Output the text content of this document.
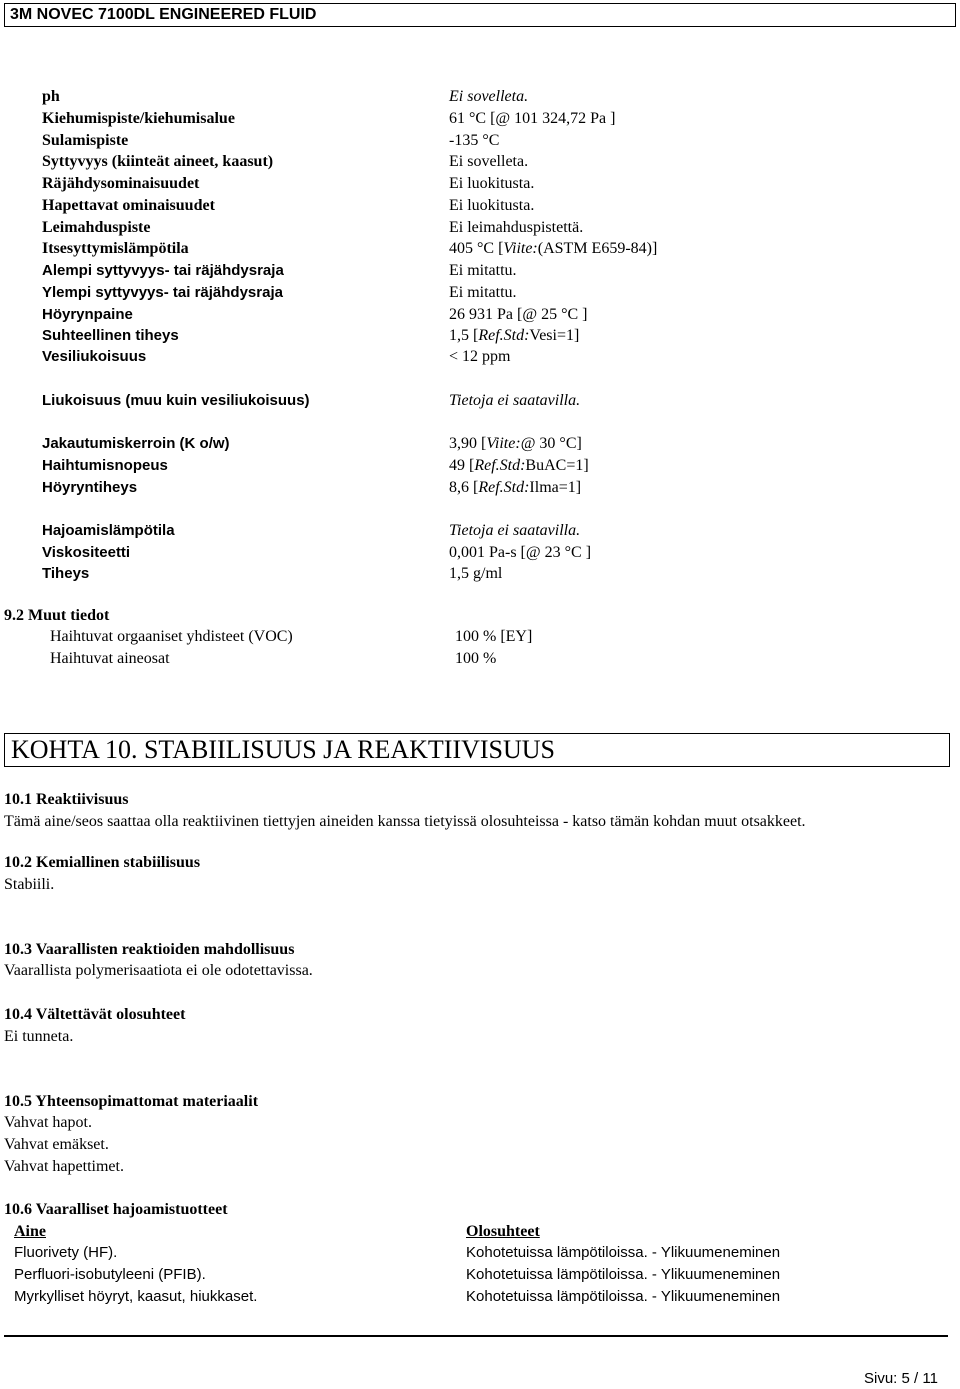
3M NOVEC 7100DL ENGINEERED FLUID
ph	Ei sovelleta.
Kiehumispiste/kiehumisalue	61 °C [@ 101 324,72 Pa ]
Sulamispiste	-135 °C
Syttyvyys (kiinteät aineet, kaasut)	Ei sovelleta.
Räjähdysominaisuudet	Ei luokitusta.
Hapettavat ominaisuudet	Ei luokitusta.
Leimahduspiste	Ei leimahduspistettä.
Itsesyttymislämpötila	405 °C [Viite:(ASTM E659-84)]
Alempi syttyvyys- tai räjähdysraja	Ei mitattu.
Ylempi syttyvyys- tai räjähdysraja	Ei mitattu.
Höyrynpaine	26 931 Pa [@ 25 °C ]
Suhteellinen tiheys	1,5 [Ref.Std:Vesi=1]
Vesiliukoisuus	< 12 ppm
Liukoisuus (muu kuin vesiliukoisuus)	Tietoja ei saatavilla.
Jakautumiskerroin (K o/w)	3,90 [Viite:@ 30 °C]
Haihtumisnopeus	49 [Ref.Std:BuAC=1]
Höyryntiheys	8,6 [Ref.Std:Ilma=1]
Hajoamislämpötila	Tietoja ei saatavilla.
Viskositeetti	0,001 Pa-s [@ 23 °C ]
Tiheys	1,5 g/ml
9.2 Muut tiedot
Haihtuvat orgaaniset yhdisteet (VOC)	100 % [EY]
Haihtuvat aineosat	100 %
KOHTA 10. STABIILISUUS JA REAKTIIVISUUS
10.1 Reaktiivisuus
Tämä aine/seos saattaa olla reaktiivinen tiettyjen aineiden kanssa tietyissä olosuhteissa - katso tämän kohdan muut otsakkeet.
10.2 Kemiallinen stabiilisuus
Stabiili.
10.3 Vaarallisten reaktioiden mahdollisuus
Vaarallista polymerisaatiota ei ole odotettavissa.
10.4 Vältettävät olosuhteet
Ei tunneta.
10.5 Yhteensopimattomat materiaalit
Vahvat hapot.
Vahvat emäkset.
Vahvat hapettimet.
10.6 Vaaralliset hajoamistuotteet
Aine	Olosuhteet
Fluorivety (HF).	Kohotetuissa lämpötiloissa. - Ylikuumeneminen
Perfluori-isobutyleeni (PFIB).	Kohotetuissa lämpötiloissa. - Ylikuumeneminen
Myrkylliset höyryt, kaasut, hiukkaset.	Kohotetuissa lämpötiloissa. - Ylikuumeneminen
Sivu: 5 / 11
